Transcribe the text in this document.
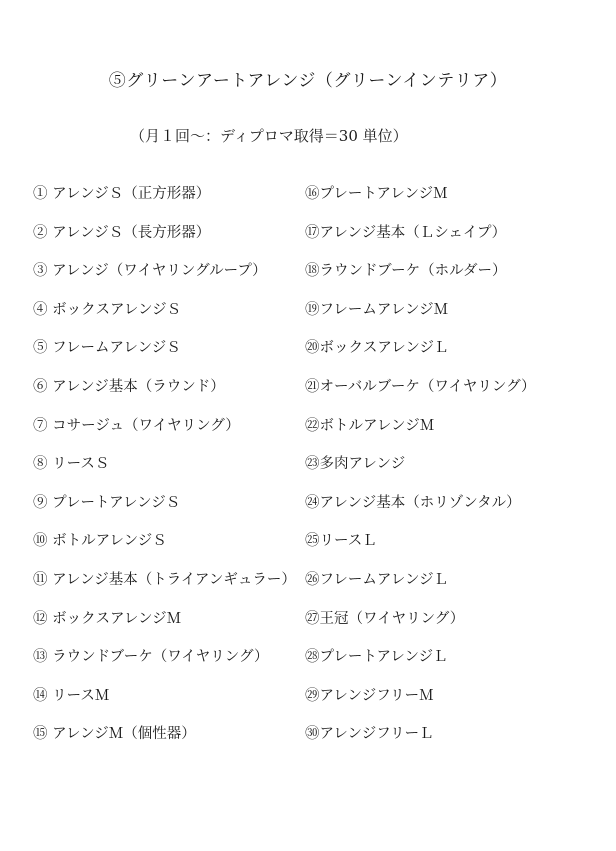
⑤グリーンアートアレンジ（グリーンインテリア）
（月１回～：ディプロマ取得＝30 単位）
① アレンジＳ（正方形器）
② アレンジＳ（長方形器）
③ アレンジ（ワイヤリングループ）
④ ボックスアレンジＳ
⑤ フレームアレンジＳ
⑥ アレンジ基本（ラウンド）
⑦ コサージュ（ワイヤリング）
⑧ リースＳ
⑨ プレートアレンジＳ
⑩ ボトルアレンジＳ
⑪ アレンジ基本（トライアンギュラー）
⑫ ボックスアレンジＭ
⑬ ラウンドブーケ（ワイヤリング）
⑭ リースＭ
⑮ アレンジＭ（個性器）
⑯プレートアレンジＭ
⑰アレンジ基本（Ｌシェイプ）
⑱ラウンドブーケ（ホルダー）
⑲フレームアレンジＭ
⑳ボックスアレンジＬ
㉑オーバルブーケ（ワイヤリング）
㉒ボトルアレンジＭ
㉓多肉アレンジ
㉔アレンジ基本（ホリゾンタル）
㉕リースＬ
㉖フレームアレンジＬ
㉗王冠（ワイヤリング）
㉘プレートアレンジＬ
㉙アレンジフリーＭ
㉚アレンジフリーＬ
